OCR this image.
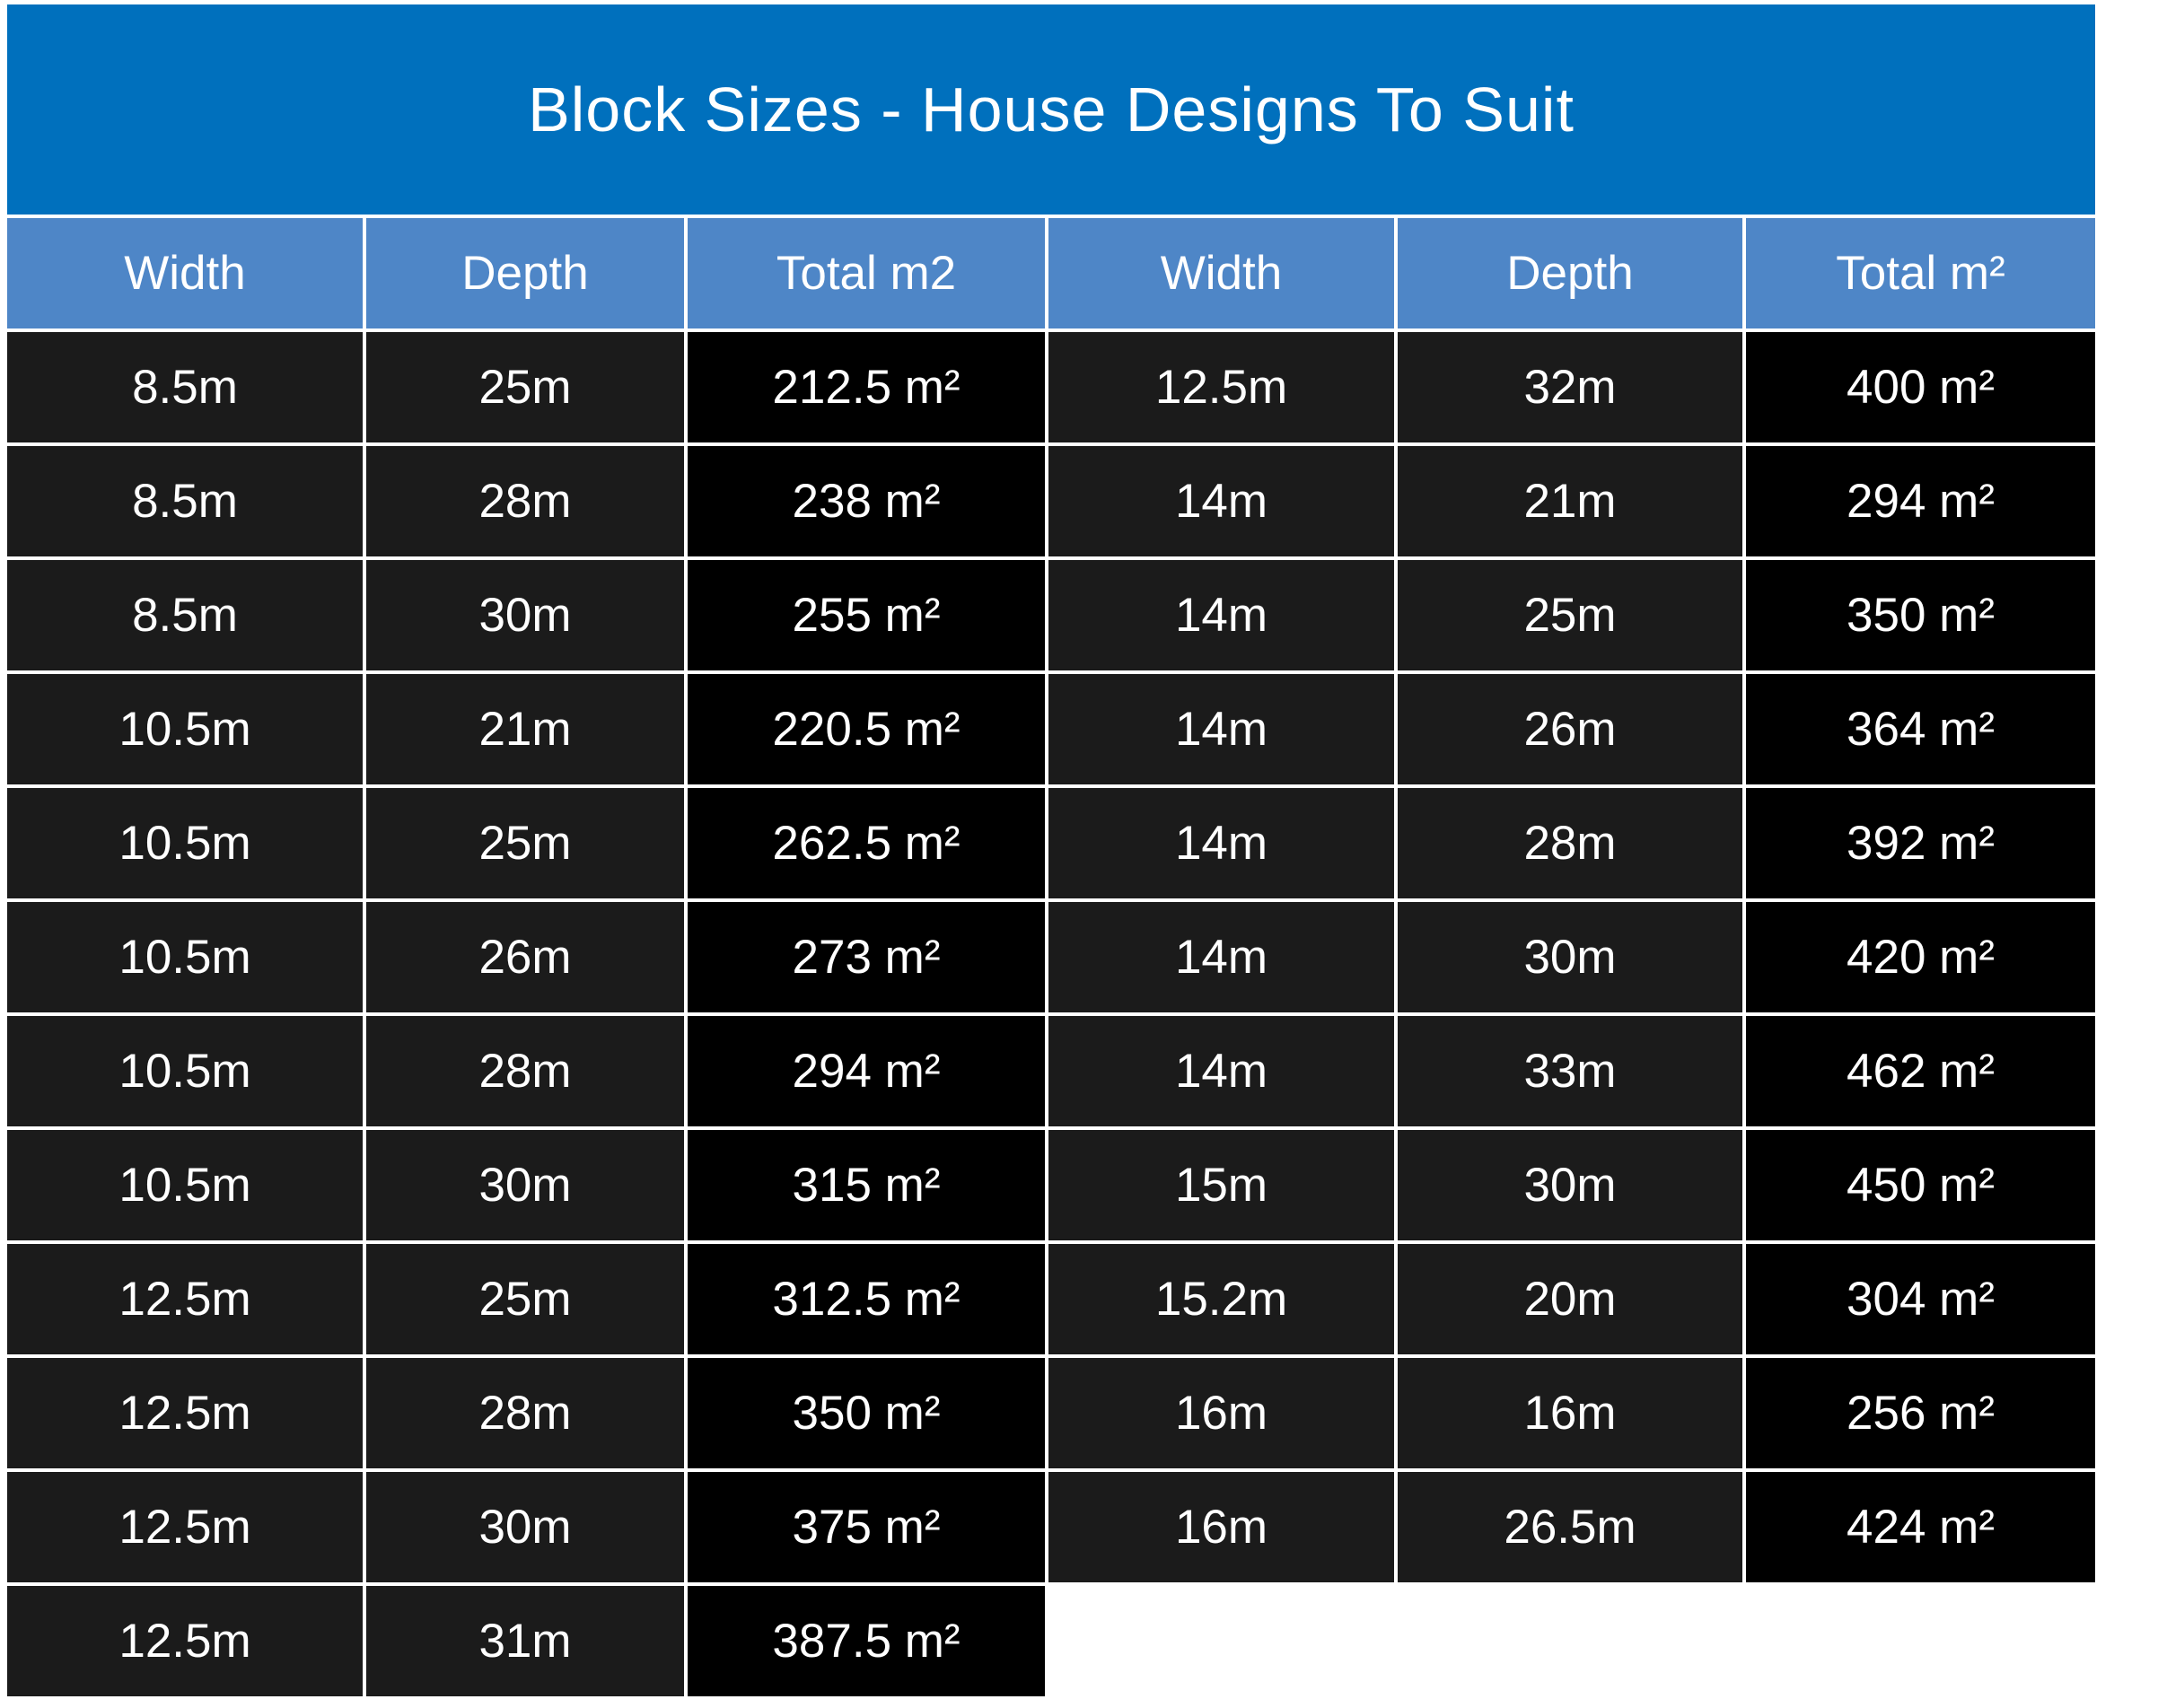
Block Sizes - House Designs To Suit
Width	Depth	Total m2	Width	Depth	Total m²
8.5m	25m	212.5 m²	12.5m	32m	400 m²
8.5m	28m	238 m²	14m	21m	294 m²
8.5m	30m	255 m²	14m	25m	350 m²
10.5m	21m	220.5 m²	14m	26m	364 m²
10.5m	25m	262.5 m²	14m	28m	392 m²
10.5m	26m	273 m²	14m	30m	420 m²
10.5m	28m	294 m²	14m	33m	462 m²
10.5m	30m	315 m²	15m	30m	450 m²
12.5m	25m	312.5 m²	15.2m	20m	304 m²
12.5m	28m	350 m²	16m	16m	256 m²
12.5m	30m	375 m²	16m	26.5m	424 m²
12.5m	31m	387.5 m²
